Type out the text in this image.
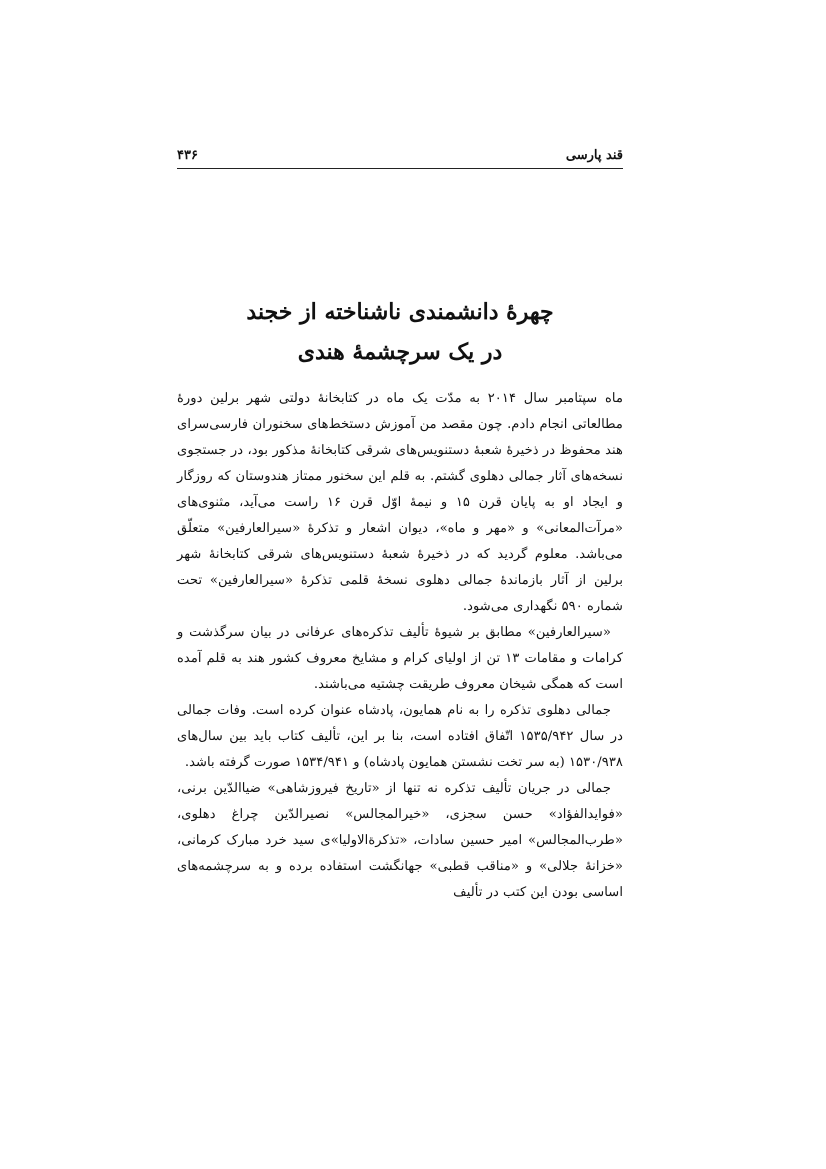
قند پارسی
۴۳۶
چهرهٔ دانشمندی ناشناخته از خجند
در یک سرچشمهٔ هندی

ماه سپتامبر سال ۲۰۱۴ به مدّت یک ماه در کتابخانهٔ دولتی شهر برلین دورهٔ مطالعاتی انجام دادم. چون مقصد من آموزش دستخط‌های سخنوران فارسی‌سرای هند محفوظ در ذخیرهٔ شعبهٔ دستنویس‌های شرقی کتابخانهٔ مذکور بود، در جستجوی نسخه‌های آثار جمالی دهلوی گشتم. به قلم این سخنور ممتاز هندوستان که روزگار و ایجاد او به پایان قرن ۱۵ و نیمهٔ اوّل قرن ۱۶ راست می‌آید، مثنوی‌های «مرآت‌المعانی» و «مهر و ماه»، دیوان اشعار و تذکرهٔ «سیرالعارفین» متعلّق می‌باشد. معلوم گردید که در ذخیرهٔ شعبهٔ دستنویس‌های شرقی کتابخانهٔ شهر برلین از آثار بازماندهٔ جمالی دهلوی نسخهٔ قلمی تذکرهٔ «سیرالعارفین» تحت شماره ۵۹۰ نگهداری می‌شود.

«سیرالعارفین» مطابق بر شیوهٔ تألیف تذکره‌های عرفانی در بیان سرگذشت و کرامات و مقامات ۱۳ تن از اولیای کرام و مشایخ معروف کشور هند به قلم آمده است که همگی شیخان معروف طریقت چشتیه می‌باشند.

جمالی دهلوی تذکره را به نام همایون، پادشاه عنوان کرده است. وفات جمالی در سال ۱۵۳۵/۹۴۲ اتّفاق افتاده است، بنا بر این، تألیف کتاب باید بین سال‌های ۱۵۳۰/۹۳۸ (به سر تخت نشستن همایون پادشاه) و ۱۵۳۴/۹۴۱ صورت گرفته باشد.

جمالی در جریان تألیف تذکره نه تنها از «تاریخ فیروزشاهی» ضیاالدّین برنی، «فوایدالفؤاد» حسن سجزی، «خیرالمجالس» نصیرالدّین چراغ دهلوی، «طرب‌المجالس» امیر حسین سادات، «تذکرةالاولیا»ی سید خرد مبارک کرمانی، «خزانهٔ جلالی» و «مناقب قطبی» جهانگشت استفاده برده و به سرچشمه‌های اساسی بودن این کتب در تألیف
